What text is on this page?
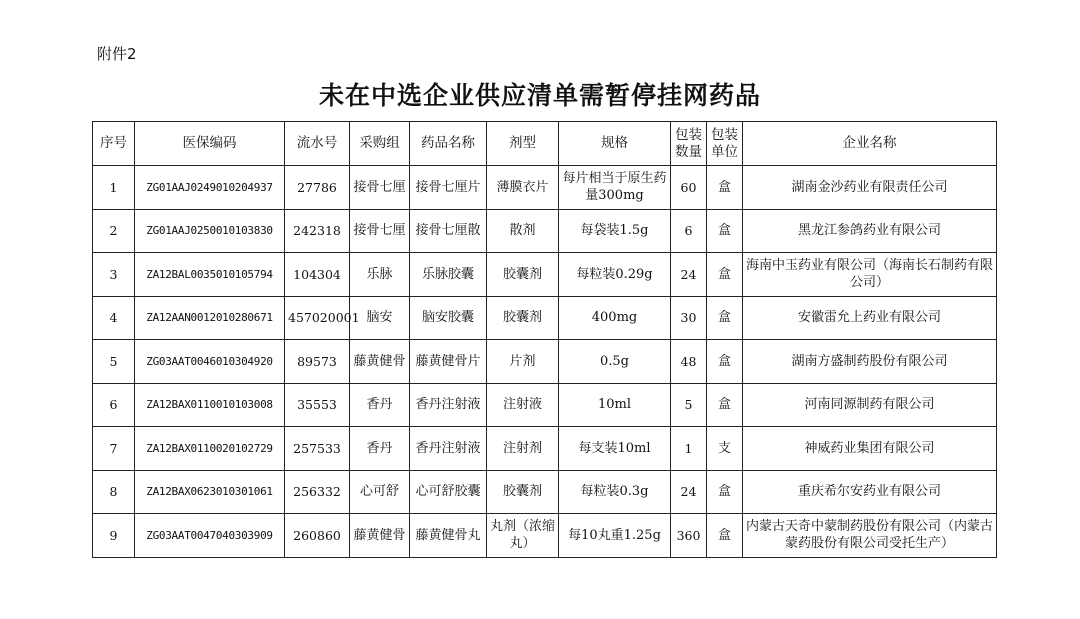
附件2
未在中选企业供应清单需暂停挂网药品
序号	医保编码	流水号	采购组	药品名称	剂型	规格	包装数量	包装单位	企业名称
1	ZG01AAJ0249010204937	27786	接骨七厘	接骨七厘片	薄膜衣片	每片相当于原生药量300mg	60	盒	湖南金沙药业有限责任公司
2	ZG01AAJ0250010103830	242318	接骨七厘	接骨七厘散	散剂	每袋装1.5g	6	盒	黑龙江参鸽药业有限公司
3	ZA12BAL0035010105794	104304	乐脉	乐脉胶囊	胶囊剂	每粒装0.29g	24	盒	海南中玉药业有限公司（海南长石制药有限公司）
4	ZA12AAN0012010280671	457020001	脑安	脑安胶囊	胶囊剂	400mg	30	盒	安徽雷允上药业有限公司
5	ZG03AAT0046010304920	89573	藤黄健骨	藤黄健骨片	片剂	0.5g	48	盒	湖南方盛制药股份有限公司
6	ZA12BAX0110010103008	35553	香丹	香丹注射液	注射液	10ml	5	盒	河南同源制药有限公司
7	ZA12BAX0110020102729	257533	香丹	香丹注射液	注射剂	每支装10ml	1	支	神威药业集团有限公司
8	ZA12BAX0623010301061	256332	心可舒	心可舒胶囊	胶囊剂	每粒装0.3g	24	盒	重庆希尔安药业有限公司
9	ZG03AAT0047040303909	260860	藤黄健骨	藤黄健骨丸	丸剂（浓缩丸）	每10丸重1.25g	360	盒	内蒙古天奇中蒙制药股份有限公司（内蒙古蒙药股份有限公司受托生产）
